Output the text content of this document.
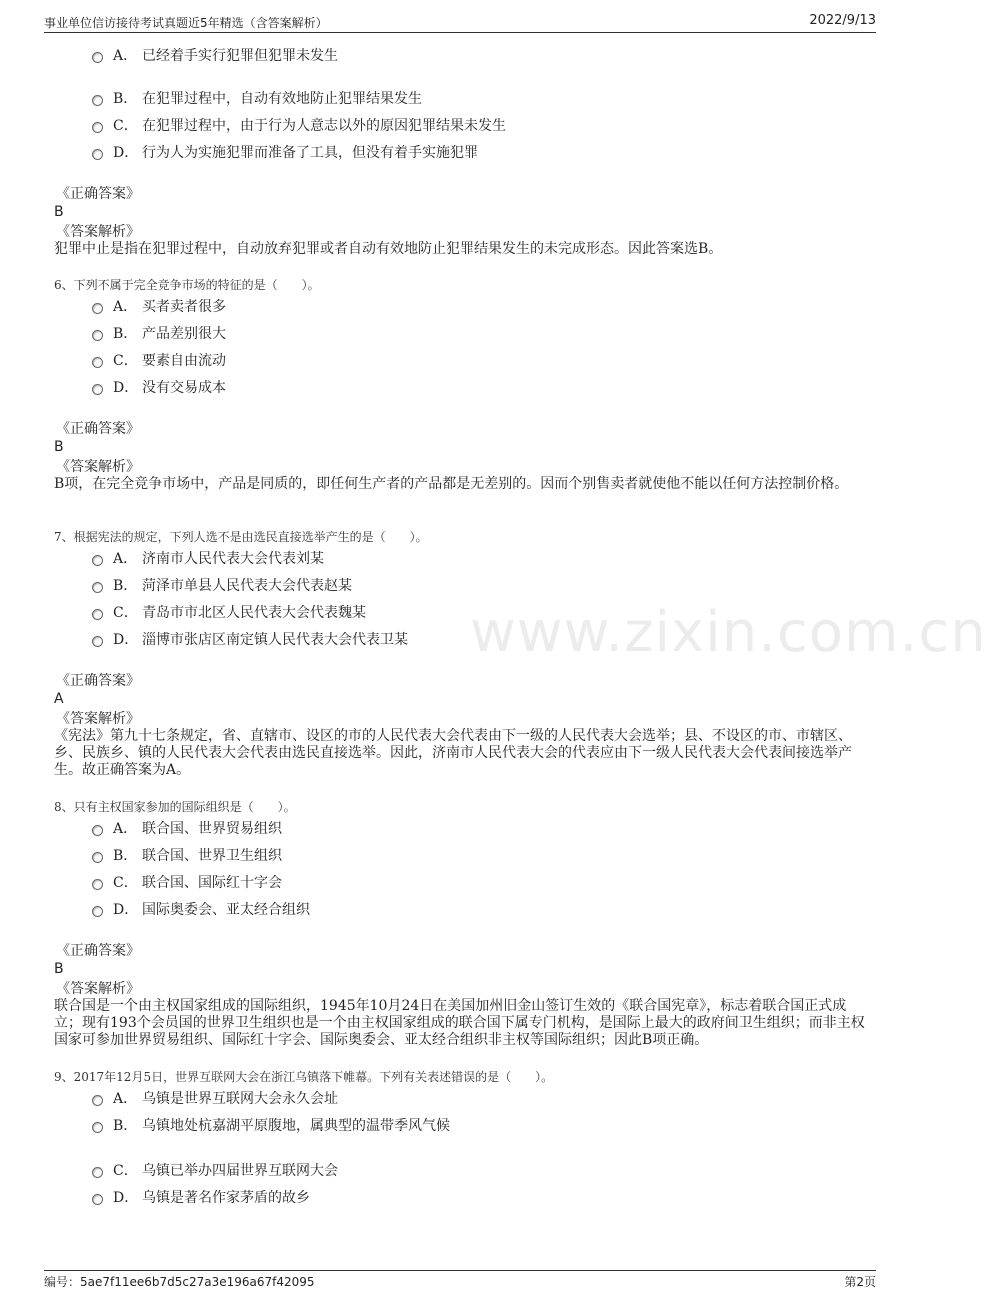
事业单位信访接待考试真题近5年精选（含答案解析）	2022/9/13
www.zixin.com.cn
A． 已经着手实行犯罪但犯罪未发生
B． 在犯罪过程中，自动有效地防止犯罪结果发生
C． 在犯罪过程中，由于行为人意志以外的原因犯罪结果未发生
D． 行为人为实施犯罪而准备了工具，但没有着手实施犯罪
《正确答案》
B
《答案解析》
犯罪中止是指在犯罪过程中，自动放弃犯罪或者自动有效地防止犯罪结果发生的未完成形态。因此答案选B。
6、下列不属于完全竞争市场的特征的是（　　）。
A． 买者卖者很多
B． 产品差别很大
C． 要素自由流动
D． 没有交易成本
《正确答案》
B
《答案解析》
B项，在完全竞争市场中，产品是同质的，即任何生产者的产品都是无差别的。因而个别售卖者就使他不能以任何方法控制价格。
7、根据宪法的规定，下列人选不是由选民直接选举产生的是（　　）。
A． 济南市人民代表大会代表刘某
B． 菏泽市单县人民代表大会代表赵某
C． 青岛市市北区人民代表大会代表魏某
D． 淄博市张店区南定镇人民代表大会代表卫某
《正确答案》
A
《答案解析》
《宪法》第九十七条规定，省、直辖市、设区的市的人民代表大会代表由下一级的人民代表大会选举；县、不设区的市、市辖区、乡、民族乡、镇的人民代表大会代表由选民直接选举。因此，济南市人民代表大会的代表应由下一级人民代表大会代表间接选举产生。故正确答案为A。
8、只有主权国家参加的国际组织是（　　）。
A． 联合国、世界贸易组织
B． 联合国、世界卫生组织
C． 联合国、国际红十字会
D． 国际奥委会、亚太经合组织
《正确答案》
B
《答案解析》
联合国是一个由主权国家组成的国际组织，1945年10月24日在美国加州旧金山签订生效的《联合国宪章》，标志着联合国正式成立；现有193个会员国的世界卫生组织也是一个由主权国家组成的联合国下属专门机构，是国际上最大的政府间卫生组织；而非主权国家可参加世界贸易组织、国际红十字会、国际奥委会、亚太经合组织非主权等国际组织；因此B项正确。
9、2017年12月5日，世界互联网大会在浙江乌镇落下帷幕。下列有关表述错误的是（　　）。
A． 乌镇是世界互联网大会永久会址
B． 乌镇地处杭嘉湖平原腹地，属典型的温带季风气候
C． 乌镇已举办四届世界互联网大会
D． 乌镇是著名作家茅盾的故乡
编号：5ae7f11ee6b7d5c27a3e196a67f42095	第2页
